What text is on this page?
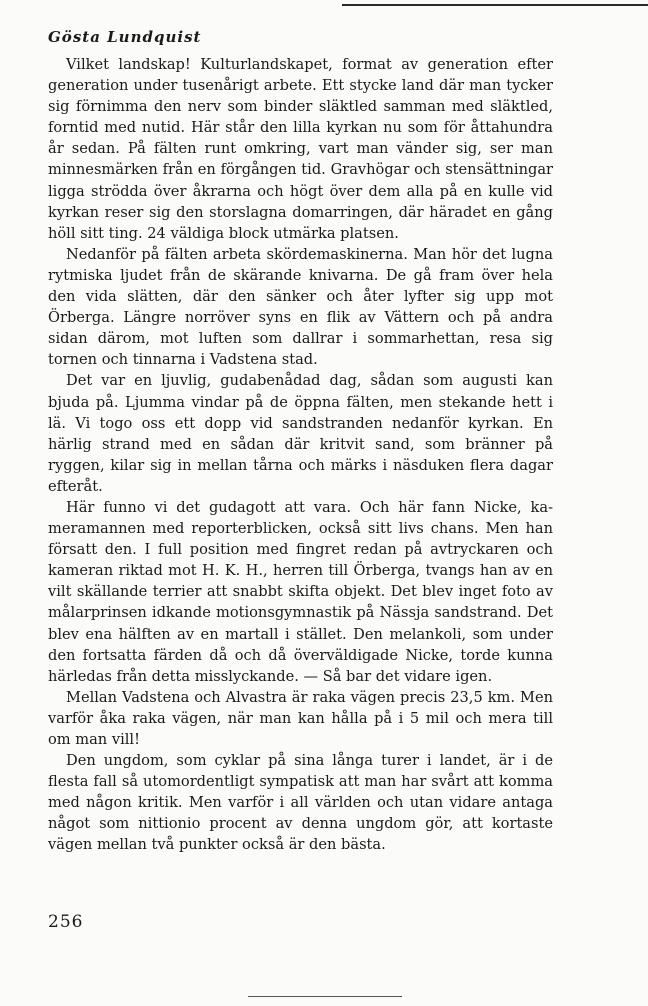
Gösta Lundquist

Vilket landskap! Kulturlandskapet, format av generation efter generation under tusenårigt arbete. Ett stycke land där man tycker sig förnimma den nerv som binder släktled samman med släktled, forntid med nutid. Här står den lilla kyrkan nu som för åttahundra år sedan. På fälten runt omkring, vart man vänder sig, ser man minnesmärken från en förgången tid. Gravhögar och stensättningar ligga strödda över åkrarna och högt över dem alla på en kulle vid kyrkan reser sig den storslagna domarringen, där häradet en gång höll sitt ting. 24 väldiga block utmärka platsen.

Nedanför på fälten arbeta skördemaskinerna. Man hör det lugna rytmiska ljudet från de skärande knivarna. De gå fram över hela den vida slätten, där den sänker och åter lyfter sig upp mot Örberga. Längre norröver syns en flik av Vättern och på andra sidan därom, mot luften som dallrar i sommarhettan, resa sig tornen och tinnarna i Vadstena stad.

Det var en ljuvlig, gudabenådad dag, sådan som augusti kan bjuda på. Ljumma vindar på de öppna fälten, men stekande hett i lä. Vi togo oss ett dopp vid sandstranden nedanför kyrkan. En härlig strand med en sådan där kritvit sand, som bränner på ryggen, kilar sig in mellan tårna och märks i näsduken flera dagar efteråt.

Här funno vi det gudagott att vara. Och här fann Nicke, kameramannen med reporterblicken, också sitt livs chans. Men han försatt den. I full position med fingret redan på avtryckaren och kameran riktad mot H. K. H., herren till Örberga, tvangs han av en vilt skällande terrier att snabbt skifta objekt. Det blev inget foto av målarprinsen idkande motionsgymnastik på Nässja sandstrand. Det blev ena hälften av en martall i stället. Den melankoli, som under den fortsatta färden då och då överväldigade Nicke, torde kunna härledas från detta misslyckande. — Så bar det vidare igen.

Mellan Vadstena och Alvastra är raka vägen precis 23,5 km. Men varför åka raka vägen, när man kan hålla på i 5 mil och mera till om man vill!

Den ungdom, som cyklar på sina långa turer i landet, är i de flesta fall så utomordentligt sympatisk att man har svårt att komma med någon kritik. Men varför i all världen och utan vidare antaga något som nittionio procent av denna ungdom gör, att kortaste vägen mellan två punkter också är den bästa.

256
